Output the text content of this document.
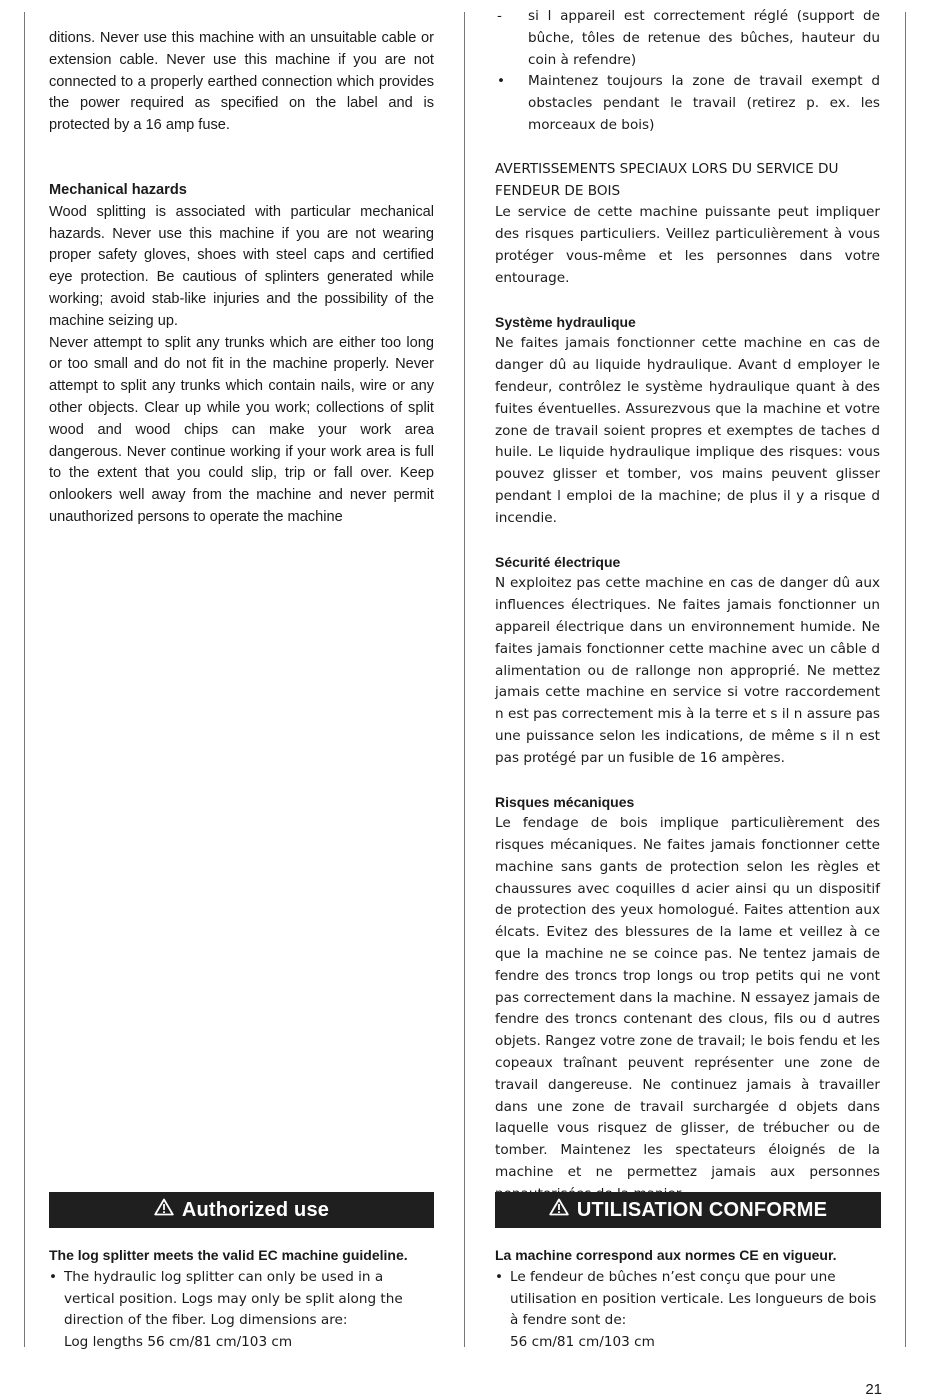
ditions. Never use this machine with an unsuitable cable or extension cable. Never use this machine if you are not connected to a properly earthed connection which provides the power required as specified on the label and is protected by a 16 amp fuse.

Mechanical hazards

Wood splitting is associated with particular mechanical hazards. Never use this machine if you are not wearing proper safety gloves, shoes with steel caps and certified eye protection. Be cautious of splinters generated while working; avoid stab-like injuries and the possibility of the machine seizing up.

Never attempt to split any trunks which are either too long or too small and do not fit in the machine properly. Never attempt to split any trunks which contain nails, wire or any other objects. Clear up while you work; collections of split wood and wood chips can make your work area dangerous. Never continue working if your work area is full to the extent that you could slip, trip or fall over. Keep onlookers well away from the machine and never permit unauthorized persons to operate the machine

Authorized use
The log splitter meets the valid EC machine guideline.
• The hydraulic log splitter can only be used in a vertical position. Logs may only be split along the direction of the fiber. Log dimensions are:
Log lengths 56 cm/81 cm/103 cm
- si l appareil est correctement réglé (support de bûche, tôles de retenue des bûches, hauteur du coin à refendre)
• Maintenez toujours la zone de travail exempt d obstacles pendant le travail (retirez p. ex. les morceaux de bois)

AVERTISSEMENTS SPECIAUX LORS DU SERVICE DU FENDEUR DE BOIS

Le service de cette machine puissante peut impliquer des risques particuliers. Veillez particulièrement à vous protéger vous-même et les personnes dans votre entourage.

Système hydraulique

Ne faites jamais fonctionner cette machine en cas de danger dû au liquide hydraulique. Avant d employer le fendeur, contrôlez le système hydraulique quant à des fuites éventuelles. Assurezvous que la machine et votre zone de travail soient propres et exemptes de taches d huile. Le liquide hydraulique implique des risques: vous pouvez glisser et tomber, vos mains peuvent glisser pendant l emploi de la machine; de plus il y a risque d incendie.

Sécurité électrique

N exploitez pas cette machine en cas de danger dû aux influences électriques. Ne faites jamais fonctionner un appareil électrique dans un environnement humide. Ne faites jamais fonctionner cette machine avec un câble d alimentation ou de rallonge non approprié. Ne mettez jamais cette machine en service si votre raccordement n est pas correctement mis à la terre et s il n assure pas une puissance selon les indications, de même s il n est pas protégé par un fusible de 16 ampères.

Risques mécaniques

Le fendage de bois implique particulièrement des risques mécaniques. Ne faites jamais fonctionner cette machine sans gants de protection selon les règles et chaussures avec coquilles d acier ainsi qu un dispositif de protection des yeux homologué. Faites attention aux élcats. Evitez des blessures de la lame et veillez à ce que la machine ne se coince pas. Ne tentez jamais de fendre des troncs trop longs ou trop petits qui ne vont pas correctement dans la machine. N essayez jamais de fendre des troncs contenant des clous, fils ou d autres objets. Rangez votre zone de travail; le bois fendu et les copeaux traînant peuvent représenter une zone de travail dangereuse. Ne continuez jamais à travailler dans une zone de travail surchargée d objets dans laquelle vous risquez de glisser, de trébucher ou de tomber. Maintenez les spectateurs éloignés de la machine et ne permettez jamais aux personnes

UTILISATION CONFORME
La machine correspond aux normes CE en vigueur.
• Le fendeur de bûches n’est conçu que pour une utilisation en position verticale. Les longueurs de bois à fendre sont de:
56 cm/81 cm/103 cm
21
